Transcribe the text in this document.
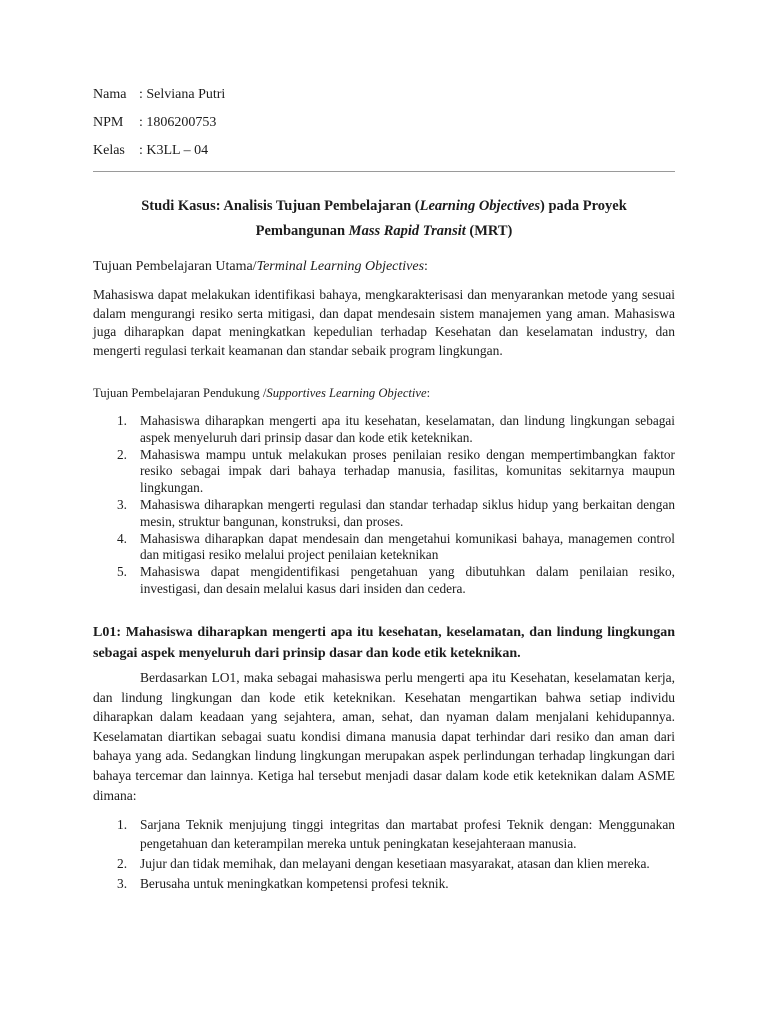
Nama : Selviana Putri
NPM : 1806200753
Kelas : K3LL – 04
Studi Kasus: Analisis Tujuan Pembelajaran (Learning Objectives) pada Proyek
Pembangunan Mass Rapid Transit (MRT)
Tujuan Pembelajaran Utama/Terminal Learning Objectives:
Mahasiswa dapat melakukan identifikasi bahaya, mengkarakterisasi dan menyarankan metode yang sesuai dalam mengurangi resiko serta mitigasi, dan dapat mendesain sistem manajemen yang aman. Mahasiswa juga diharapkan dapat meningkatkan kepedulian terhadap Kesehatan dan keselamatan industry, dan mengerti regulasi terkait keamanan dan standar sebaik program lingkungan.
Tujuan Pembelajaran Pendukung /Supportives Learning Objective:
1. Mahasiswa diharapkan mengerti apa itu kesehatan, keselamatan, dan lindung lingkungan sebagai aspek menyeluruh dari prinsip dasar dan kode etik keteknikan.
2. Mahasiswa mampu untuk melakukan proses penilaian resiko dengan mempertimbangkan faktor resiko sebagai impak dari bahaya terhadap manusia, fasilitas, komunitas sekitarnya maupun lingkungan.
3. Mahasiswa diharapkan mengerti regulasi dan standar terhadap siklus hidup yang berkaitan dengan mesin, struktur bangunan, konstruksi, dan proses.
4. Mahasiswa diharapkan dapat mendesain dan mengetahui komunikasi bahaya, managemen control dan mitigasi resiko melalui project penilaian keteknikan
5. Mahasiswa dapat mengidentifikasi pengetahuan yang dibutuhkan dalam penilaian resiko, investigasi, dan desain melalui kasus dari insiden dan cedera.
L01: Mahasiswa diharapkan mengerti apa itu kesehatan, keselamatan, dan lindung lingkungan sebagai aspek menyeluruh dari prinsip dasar dan kode etik keteknikan.
Berdasarkan LO1, maka sebagai mahasiswa perlu mengerti apa itu Kesehatan, keselamatan kerja, dan lindung lingkungan dan kode etik keteknikan. Kesehatan mengartikan bahwa setiap individu diharapkan dalam keadaan yang sejahtera, aman, sehat, dan nyaman dalam menjalani kehidupannya. Keselamatan diartikan sebagai suatu kondisi dimana manusia dapat terhindar dari resiko dan aman dari bahaya yang ada. Sedangkan lindung lingkungan merupakan aspek perlindungan terhadap lingkungan dari bahaya tercemar dan lainnya. Ketiga hal tersebut menjadi dasar dalam kode etik keteknikan dalam ASME dimana:
1. Sarjana Teknik menjujung tinggi integritas dan martabat profesi Teknik dengan: Menggunakan pengetahuan dan keterampilan mereka untuk peningkatan kesejahteraan manusia.
2. Jujur dan tidak memihak, dan melayani dengan kesetiaan masyarakat, atasan dan klien mereka.
3. Berusaha untuk meningkatkan kompetensi profesi teknik.
